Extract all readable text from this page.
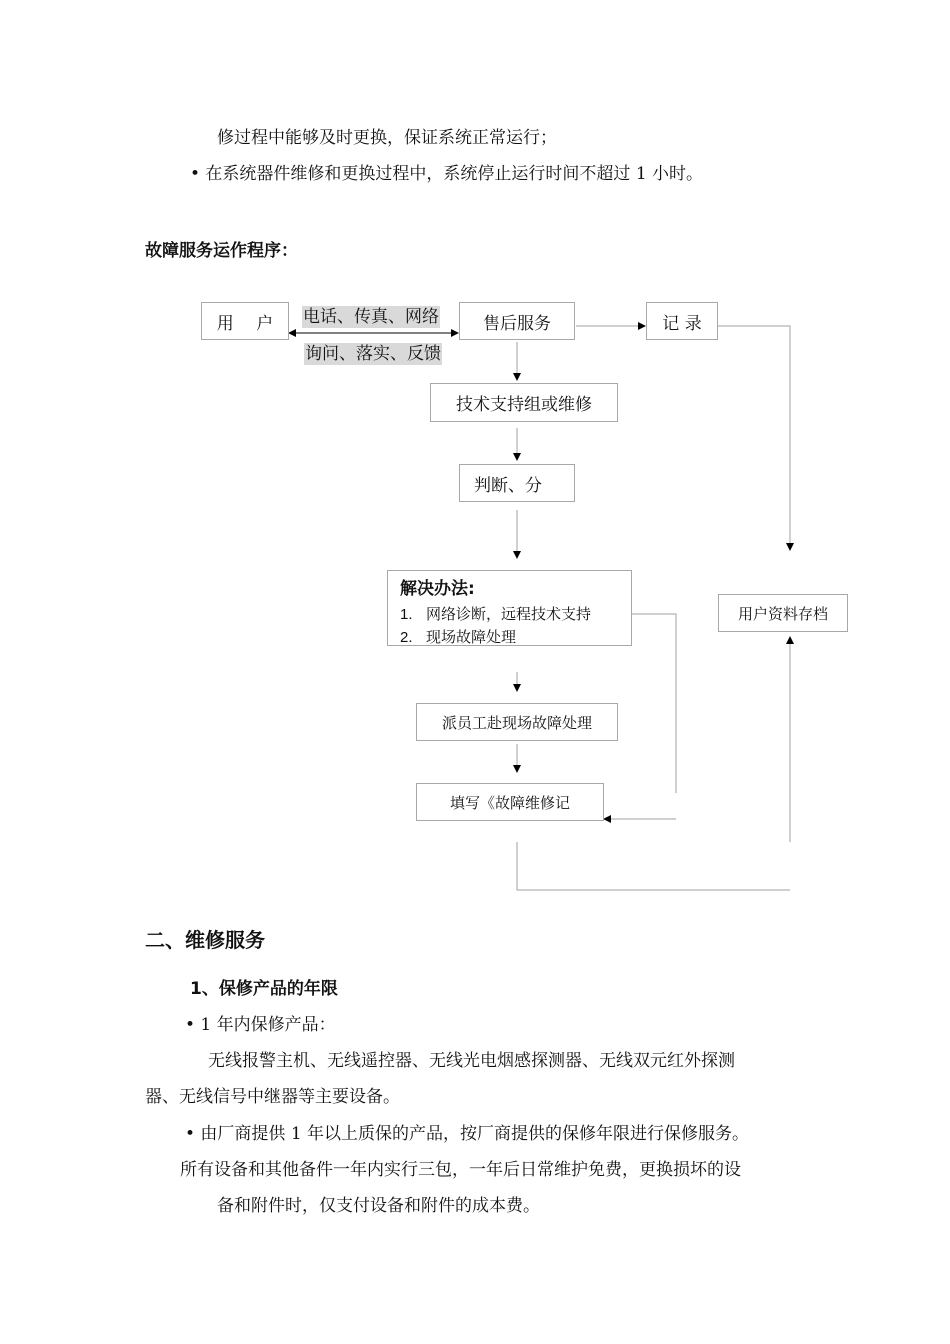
修过程中能够及时更换，保证系统正常运行；
• 在系统器件维修和更换过程中，系统停止运行时间不超过 1 小时。
故障服务运作程序：
用　 户 电话、传真、网络
询问、落实、反馈
售后服务	记 录
技术支持组或维修
判断、分
解决办法:
1. 网络诊断，远程技术支持
2. 现场故障处理
用户资料存档
派员工赴现场故障处理
填写《故障维修记
二、维修服务
1、保修产品的年限
• 1 年内保修产品：
无线报警主机、无线遥控器、无线光电烟感探测器、无线双元红外探测
器、无线信号中继器等主要设备。
• 由厂商提供 1 年以上质保的产品，按厂商提供的保修年限进行保修服务。
所有设备和其他备件一年内实行三包，一年后日常维护免费，更换损坏的设
备和附件时，仅支付设备和附件的成本费。
